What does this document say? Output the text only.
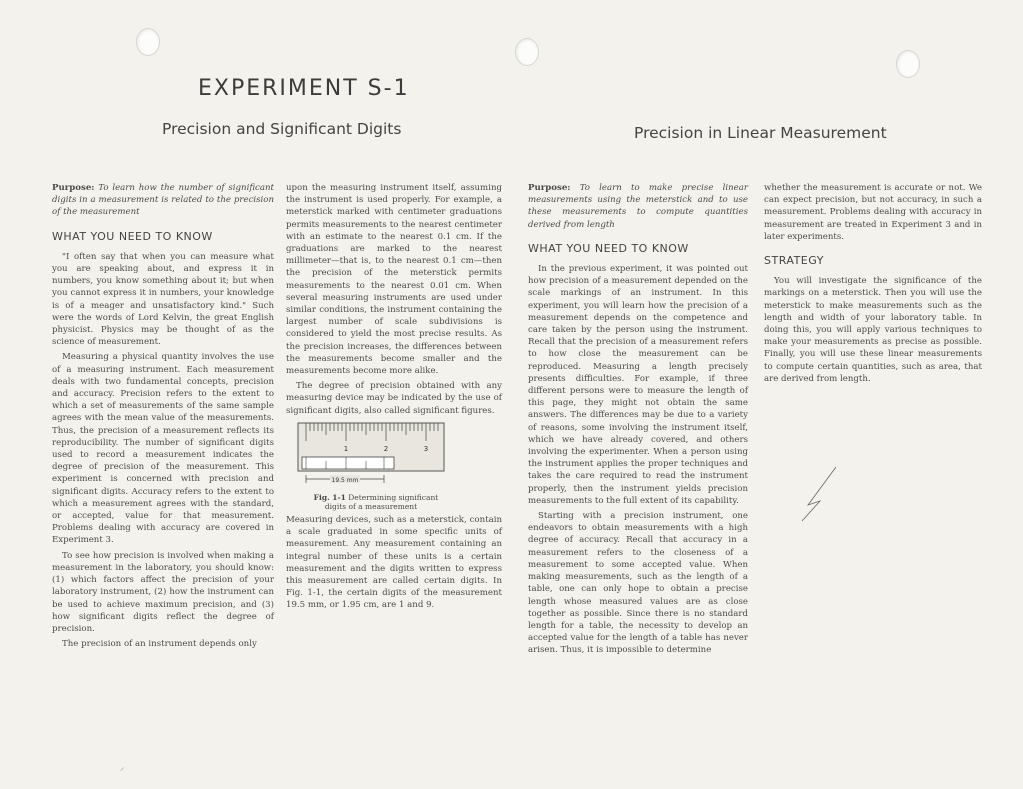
EXPERIMENT S-1
Precision and Significant Digits	Precision in Linear Measurement

Purpose: To learn how the number of significant digits in a measurement is related to the precision of the measurement

WHAT YOU NEED TO KNOW

"I often say that when you can measure what you are speaking about, and express it in numbers, you know something about it; but when you cannot express it in numbers, your knowledge is of a meager and unsatisfactory kind." Such were the words of Lord Kelvin, the great English physicist. Physics may be thought of as the science of measurement.

Measuring a physical quantity involves the use of a measuring instrument. Each measurement deals with two fundamental concepts, precision and accuracy. Precision refers to the extent to which a set of measurements of the same sample agrees with the mean value of the measurements. Thus, the precision of a measurement reflects its reproducibility. The number of significant digits used to record a measurement indicates the degree of precision of the measurement. This experiment is concerned with precision and significant digits. Accuracy refers to the extent to which a measurement agrees with the standard, or accepted, value for that measurement. Problems dealing with accuracy are covered in Experiment 3.

To see how precision is involved when making a measurement in the laboratory, you should know: (1) which factors affect the precision of your laboratory instrument, (2) how the instrument can be used to achieve maximum precision, and (3) how significant digits reflect the degree of precision.

The precision of an instrument depends only

upon the measuring instrument itself, assuming the instrument is used properly. For example, a meterstick marked with centimeter graduations permits measurements to the nearest centimeter with an estimate to the nearest 0.1 cm. If the graduations are marked to the nearest millimeter—that is, to the nearest 0.1 cm—then the precision of the meterstick permits measurements to the nearest 0.01 cm. When several measuring instruments are used under similar conditions, the instrument containing the largest number of scale subdivisions is considered to yield the most precise results. As the precision increases, the differences between the measurements become smaller and the measurements become more alike.

The degree of precision obtained with any measuring device may be indicated by the use of significant digits, also called significant figures.

1	2	3
19.5 mm

Fig. 1-1 Determining significant digits of a measurement

Measuring devices, such as a meterstick, contain a scale graduated in some specific units of measurement. Any measurement containing an integral number of these units is a certain measurement and the digits written to express this measurement are called certain digits. In Fig. 1-1, the certain digits of the measurement 19.5 mm, or 1.95 cm, are 1 and 9.

Purpose: To learn to make precise linear measurements using the meterstick and to use these measurements to compute quantities derived from length

WHAT YOU NEED TO KNOW

In the previous experiment, it was pointed out how precision of a measurement depended on the scale markings of an instrument. In this experiment, you will learn how the precision of a measurement depends on the competence and care taken by the person using the instrument. Recall that the precision of a measurement refers to how close the measurement can be reproduced. Measuring a length precisely presents difficulties. For example, if three different persons were to measure the length of this page, they might not obtain the same answers. The differences may be due to a variety of reasons, some involving the instrument itself, which we have already covered, and others involving the experimenter. When a person using the instrument applies the proper techniques and takes the care required to read the instrument properly, then the instrument yields precision measurements to the full extent of its capability.

Starting with a precision instrument, one endeavors to obtain measurements with a high degree of accuracy. Recall that accuracy in a measurement refers to the closeness of a measurement to some accepted value. When making measurements, such as the length of a table, one can only hope to obtain a precise length whose measured values are as close together as possible. Since there is no standard length for a table, the necessity to develop an accepted value for the length of a table has never arisen. Thus, it is impossible to determine

whether the measurement is accurate or not. We can expect precision, but not accuracy, in such a measurement. Problems dealing with accuracy in measurement are treated in Experiment 3 and in later experiments.

STRATEGY

You will investigate the significance of the markings on a meterstick. Then you will use the meterstick to make measurements such as the length and width of your laboratory table. In doing this, you will apply various techniques to make your measurements as precise as possible. Finally, you will use these linear measurements to compute certain quantities, such as area, that are derived from length.

⸝
